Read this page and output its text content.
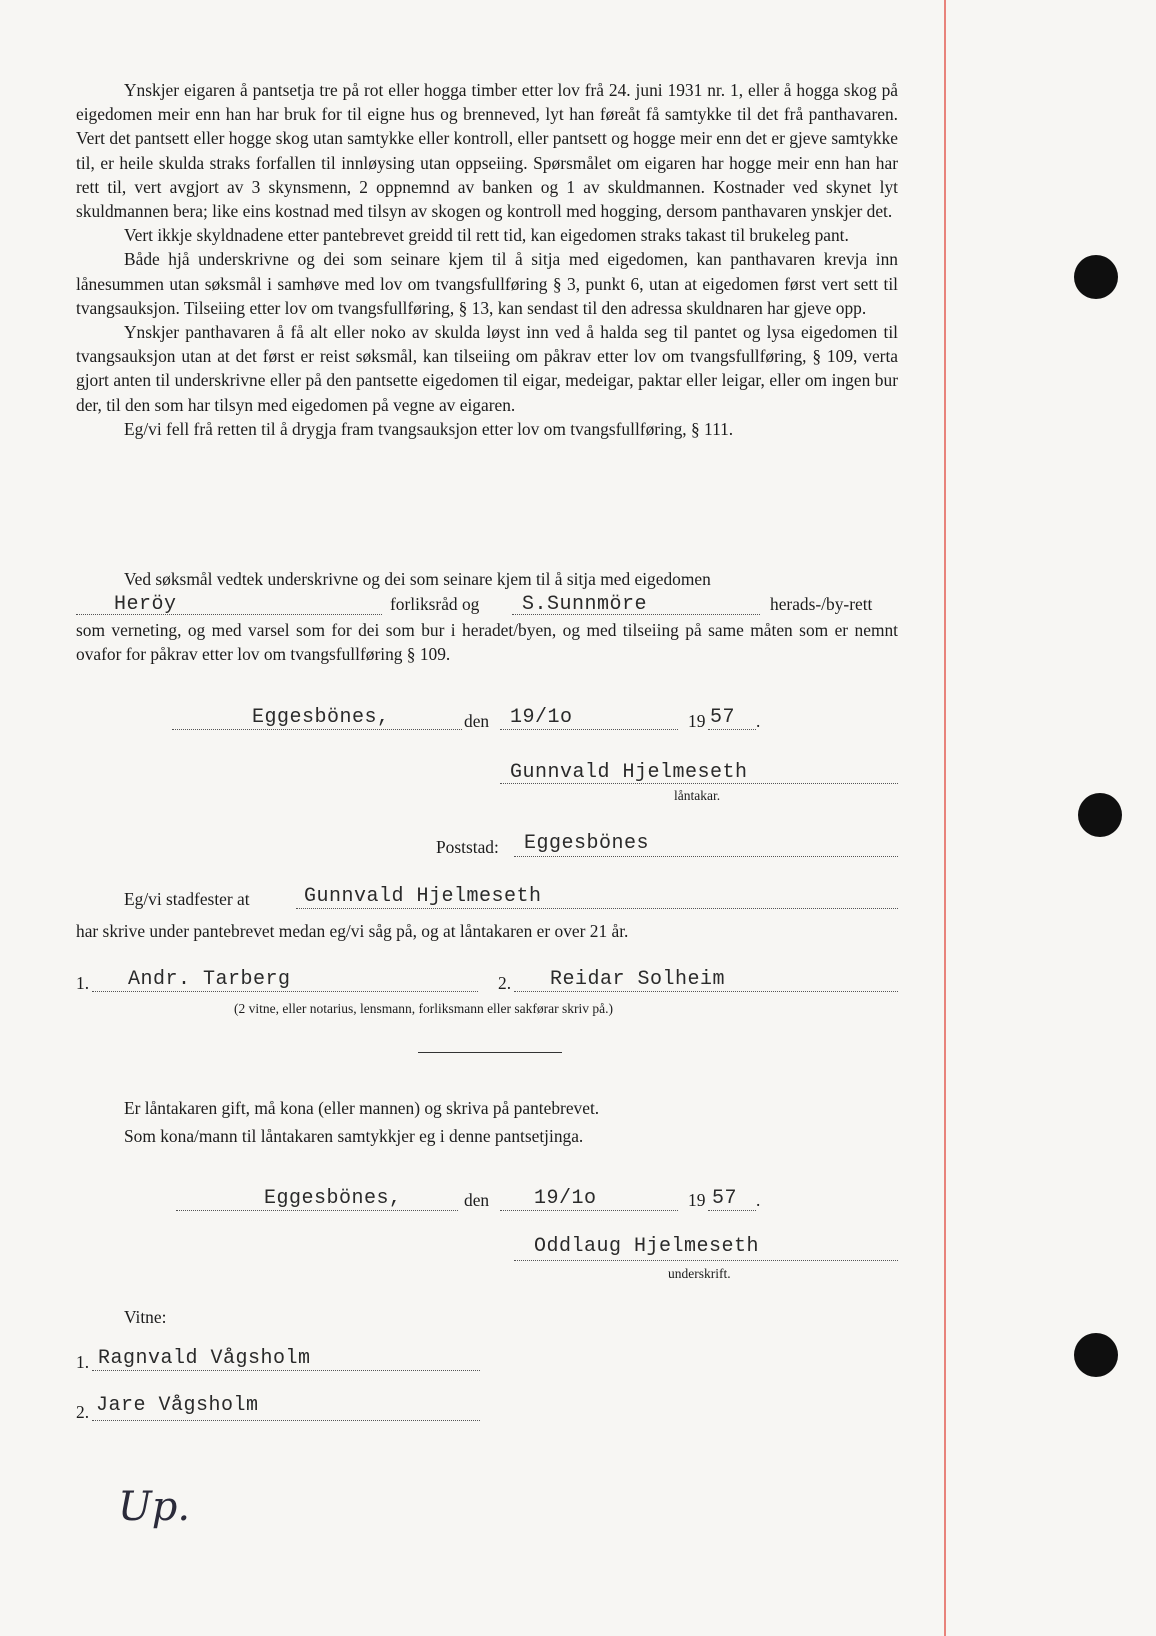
Ynskjer eigaren å pantsetja tre på rot eller hogga timber etter lov frå 24. juni 1931 nr. 1, eller å hogga skog på eigedomen meir enn han har bruk for til eigne hus og brenneved, lyt han føreåt få samtykke til det frå panthavaren. Vert det pantsett eller hogge skog utan samtykke eller kontroll, eller pantsett og hogge meir enn det er gjeve samtykke til, er heile skulda straks forfallen til innløysing utan oppseiing. Spørsmålet om eigaren har hogge meir enn han har rett til, vert avgjort av 3 skynsmenn, 2 oppnemnd av banken og 1 av skuldmannen. Kostnader ved skynet lyt skuldmannen bera; like eins kostnad med tilsyn av skogen og kontroll med hogging, dersom panthavaren ynskjer det.

Vert ikkje skyldnadene etter pantebrevet greidd til rett tid, kan eigedomen straks takast til brukeleg pant.

Både hjå underskrivne og dei som seinare kjem til å sitja med eigedomen, kan panthavaren krevja inn lånesummen utan søksmål i samhøve med lov om tvangsfullføring § 3, punkt 6, utan at eigedomen først vert sett til tvangsauksjon. Tilseiing etter lov om tvangsfullføring, § 13, kan sendast til den adressa skuldnaren har gjeve opp.

Ynskjer panthavaren å få alt eller noko av skulda løyst inn ved å halda seg til pantet og lysa eigedomen til tvangsauksjon utan at det først er reist søksmål, kan tilseiing om påkrav etter lov om tvangsfullføring, § 109, verta gjort anten til underskrivne eller på den pantsette eigedomen til eigar, medeigar, paktar eller leigar, eller om ingen bur der, til den som har tilsyn med eigedomen på vegne av eigaren.

Eg/vi fell frå retten til å drygja fram tvangsauksjon etter lov om tvangsfullføring, § 111.

Ved søksmål vedtek underskrivne og dei som seinare kjem til å sitja med eigedomen
Heröy	forliksråd og S.Sunnmöre	herads-/by-rett

som verneting, og med varsel som for dei som bur i heradet/byen, og med tilseiing på same måten som er nemnt ovafor for påkrav etter lov om tvangsfullføring § 109.

Eggesbönes,	den 19/1o	19 57 .
Gunnvald Hjelmeseth
låntakar.
Poststad: Eggesbönes
Eg/vi stadfester at	Gunnvald Hjelmeseth
har skrive under pantebrevet medan eg/vi såg på, og at låntakaren er over 21 år.
1. Andr. Tarberg	2. Reidar Solheim
(2 vitne, eller notarius, lensmann, forliksmann eller sakførar skriv på.)
Er låntakaren gift, må kona (eller mannen) og skriva på pantebrevet.
Som kona/mann til låntakaren samtykkjer eg i denne pantsetjinga.
Eggesbönes,	den 19/1o	19 57 .
Oddlaug Hjelmeseth
underskrift.
Vitne:
1. Ragnvald Vågsholm
2. Jare Vågsholm
Up.
